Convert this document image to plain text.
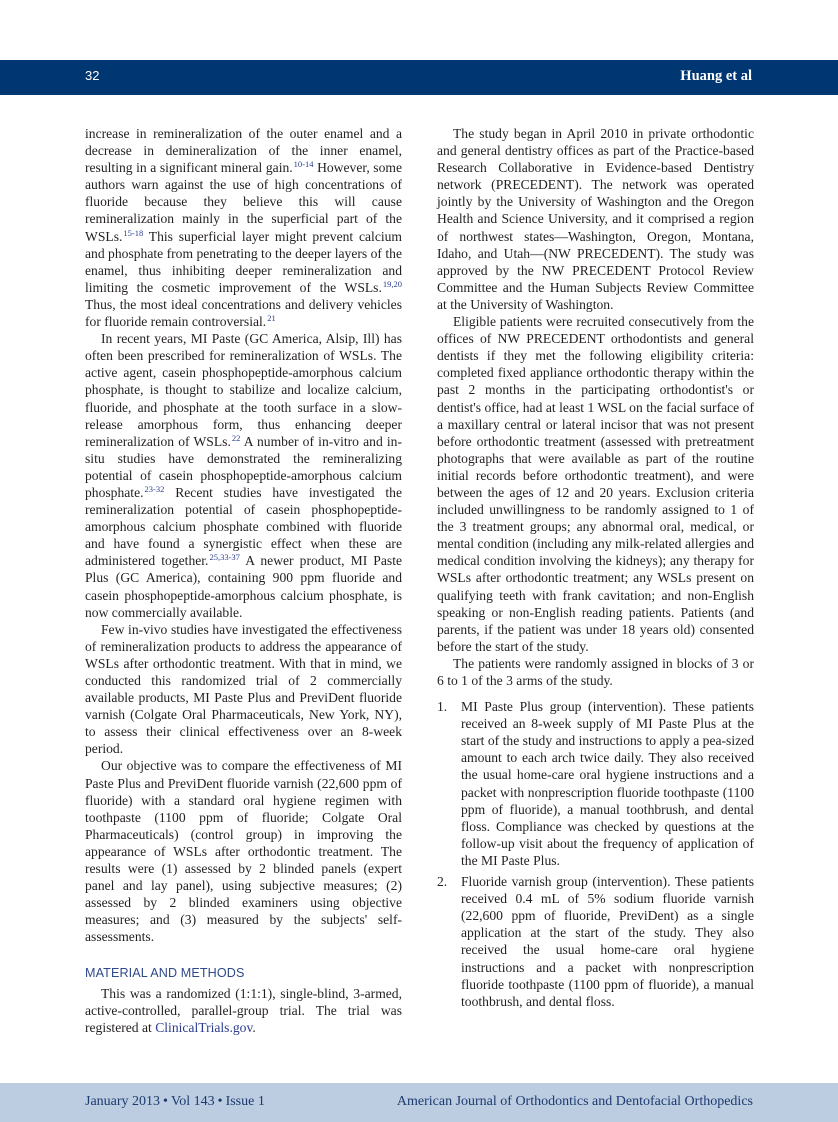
32	Huang et al

increase in remineralization of the outer enamel and a decrease in demineralization of the inner enamel, resulting in a significant mineral gain.$^{10-14}$ However, some authors warn against the use of high concentrations of fluoride because they believe this will cause remineralization mainly in the superficial part of the WSLs.$^{15-18}$ This superficial layer might prevent calcium and phosphate from penetrating to the deeper layers of the enamel, thus inhibiting deeper remineralization and limiting the cosmetic improvement of the WSLs.$^{19,20}$ Thus, the most ideal concentrations and delivery vehicles for fluoride remain controversial.$^{21}$

In recent years, MI Paste (GC America, Alsip, Ill) has often been prescribed for remineralization of WSLs. The active agent, casein phosphopeptide-amorphous calcium phosphate, is thought to stabilize and localize calcium, fluoride, and phosphate at the tooth surface in a slow-release amorphous form, thus enhancing deeper remineralization of WSLs.$^{22}$ A number of in-vitro and in-situ studies have demonstrated the remineralizing potential of casein phosphopeptide-amorphous calcium phosphate.$^{23-32}$ Recent studies have investigated the remineralization potential of casein phosphopeptide-amorphous calcium phosphate combined with fluoride and have found a synergistic effect when these are administered together.$^{25,33-37}$ A newer product, MI Paste Plus (GC America), containing 900 ppm fluoride and casein phosphopeptide-amorphous calcium phosphate, is now commercially available.

Few in-vivo studies have investigated the effectiveness of remineralization products to address the appearance of WSLs after orthodontic treatment. With that in mind, we conducted this randomized trial of 2 commercially available products, MI Paste Plus and PreviDent fluoride varnish (Colgate Oral Pharmaceuticals, New York, NY), to assess their clinical effectiveness over an 8-week period.

Our objective was to compare the effectiveness of MI Paste Plus and PreviDent fluoride varnish (22,600 ppm of fluoride) with a standard oral hygiene regimen with toothpaste (1100 ppm of fluoride; Colgate Oral Pharmaceuticals) (control group) in improving the appearance of WSLs after orthodontic treatment. The results were (1) assessed by 2 blinded panels (expert panel and lay panel), using subjective measures; (2) assessed by 2 blinded examiners using objective measures; and (3) measured by the subjects' self-assessments.

MATERIAL AND METHODS

This was a randomized (1:1:1), single-blind, 3-armed, active-controlled, parallel-group trial. The trial was registered at ClinicalTrials.gov.

The study began in April 2010 in private orthodontic and general dentistry offices as part of the Practice-based Research Collaborative in Evidence-based Dentistry network (PRECEDENT). The network was operated jointly by the University of Washington and the Oregon Health and Science University, and it comprised a region of northwest states—Washington, Oregon, Montana, Idaho, and Utah—(NW PRECEDENT). The study was approved by the NW PRECEDENT Protocol Review Committee and the Human Subjects Review Committee at the University of Washington.

Eligible patients were recruited consecutively from the offices of NW PRECEDENT orthodontists and general dentists if they met the following eligibility criteria: completed fixed appliance orthodontic therapy within the past 2 months in the participating orthodontist's or dentist's office, had at least 1 WSL on the facial surface of a maxillary central or lateral incisor that was not present before orthodontic treatment (assessed with pretreatment photographs that were available as part of the routine initial records before orthodontic treatment), and were between the ages of 12 and 20 years. Exclusion criteria included unwillingness to be randomly assigned to 1 of the 3 treatment groups; any abnormal oral, medical, or mental condition (including any milk-related allergies and medical condition involving the kidneys); any therapy for WSLs after orthodontic treatment; any WSLs present on qualifying teeth with frank cavitation; and non-English speaking or non-English reading patients. Patients (and parents, if the patient was under 18 years old) consented before the start of the study.

The patients were randomly assigned in blocks of 3 or 6 to 1 of the 3 arms of the study.

1. MI Paste Plus group (intervention). These patients received an 8-week supply of MI Paste Plus at the start of the study and instructions to apply a pea-sized amount to each arch twice daily. They also received the usual home-care oral hygiene instructions and a packet with nonprescription fluoride toothpaste (1100 ppm of fluoride), a manual toothbrush, and dental floss. Compliance was checked by questions at the follow-up visit about the frequency of application of the MI Paste Plus.
2. Fluoride varnish group (intervention). These patients received 0.4 mL of 5% sodium fluoride varnish (22,600 ppm of fluoride, PreviDent) as a single application at the start of the study. They also received the usual home-care oral hygiene instructions and a packet with nonprescription fluoride toothpaste (1100 ppm of fluoride), a manual toothbrush, and dental floss.
January 2013 • Vol 143 • Issue 1	American Journal of Orthodontics and Dentofacial Orthopedics
